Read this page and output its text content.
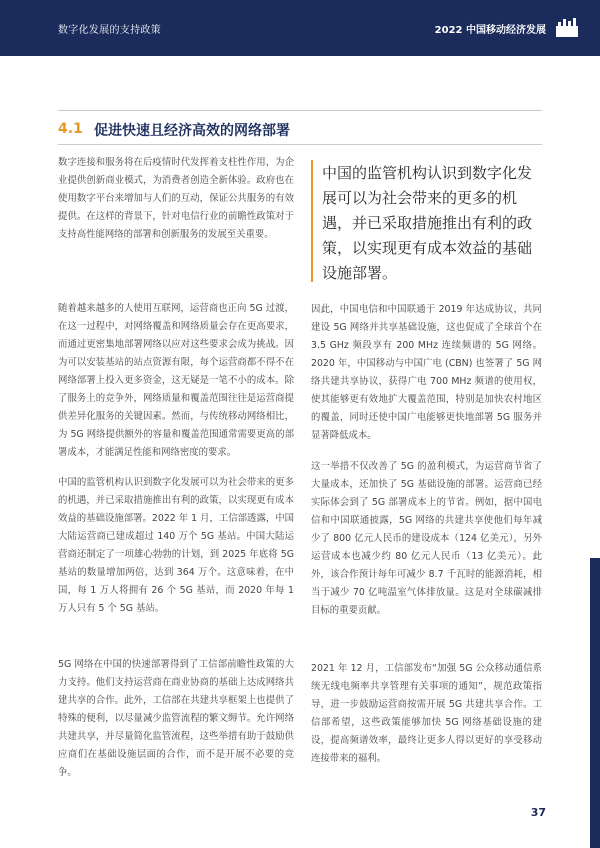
数字化发展的支持政策	2022 中国移动经济发展
4.1 促进快速且经济高效的网络部署

数字连接和服务将在后疫情时代发挥着支柱性作用，为企业提供创新商业模式，为消费者创造全新体验。政府也在使用数字平台来增加与人们的互动，保证公共服务的有效提供。在这样的背景下，针对电信行业的前瞻性政策对于支持高性能网络的部署和创新服务的发展至关重要。

随着越来越多的人使用互联网，运营商也正向 5G 过渡，在这一过程中，对网络覆盖和网络质量会存在更高要求，而通过更密集地部署网络以应对这些要求会成为挑战。因为可以安装基站的站点资源有限，每个运营商都不得不在网络部署上投入更多资金，这无疑是一笔不小的成本。除了服务上的竞争外，网络质量和覆盖范围往往是运营商提供差异化服务的关键因素。然而，与传统移动网络相比，为 5G 网络提供额外的容量和覆盖范围通常需要更高的部署成本，才能满足性能和网络密度的要求。

中国的监管机构认识到数字化发展可以为社会带来的更多的机遇，并已采取措施推出有利的政策，以实现更有成本效益的基础设施部署。2022 年 1 月，工信部透露，中国大陆运营商已建成超过 140 万个 5G 基站。中国大陆运营商还制定了一项雄心勃勃的计划，到 2025 年底将 5G 基站的数量增加两倍，达到 364 万个。这意味着，在中国，每 1 万人将拥有 26 个 5G 基站，而 2020 年每 1 万人只有 5 个 5G 基站。

5G 网络在中国的快速部署得到了工信部前瞻性政策的大力支持。他们支持运营商在商业协商的基础上达成网络共建共享的合作。此外，工信部在共建共享框架上也提供了特殊的便利，以尽量减少监管流程的繁文缛节。允许网络共建共享，并尽量简化监管流程，这些举措有助于鼓励供应商们在基础设施层面的合作，而不是开展不必要的竞争。

中国的监管机构认识到数字化发展可以为社会带来的更多的机遇，并已采取措施推出有利的政策，以实现更有成本效益的基础设施部署。

因此，中国电信和中国联通于 2019 年达成协议，共同建设 5G 网络并共享基础设施，这也促成了全球首个在 3.5 GHz 频段享有 200 MHz 连续频谱的 5G 网络。2020 年，中国移动与中国广电 (CBN) 也签署了 5G 网络共建共享协议，获得广电 700 MHz 频谱的使用权，使其能够更有效地扩大覆盖范围，特别是加快农村地区的覆盖，同时还使中国广电能够更快地部署 5G 服务并显著降低成本。

这一举措不仅改善了 5G 的盈利模式，为运营商节省了大量成本，还加快了 5G 基础设施的部署。运营商已经实际体会到了 5G 部署成本上的节省。例如，据中国电信和中国联通披露，5G 网络的共建共享使他们每年减少了 800 亿元人民币的建设成本（124 亿美元），另外运营成本也减少约 80 亿元人民币（13 亿美元）。此外，该合作预计每年可减少 8.7 千瓦时的能源消耗，相当于减少 70 亿吨温室气体排放量。这是对全球碳减排目标的重要贡献。

2021 年 12 月，工信部发布“加强 5G 公众移动通信系统无线电频率共享管理有关事项的通知”，规范政策指导，进一步鼓励运营商按需开展 5G 共建共享合作。工信部希望，这些政策能够加快 5G 网络基础设施的建设，提高频谱效率，最终让更多人得以更好的享受移动连接带来的福利。

37
